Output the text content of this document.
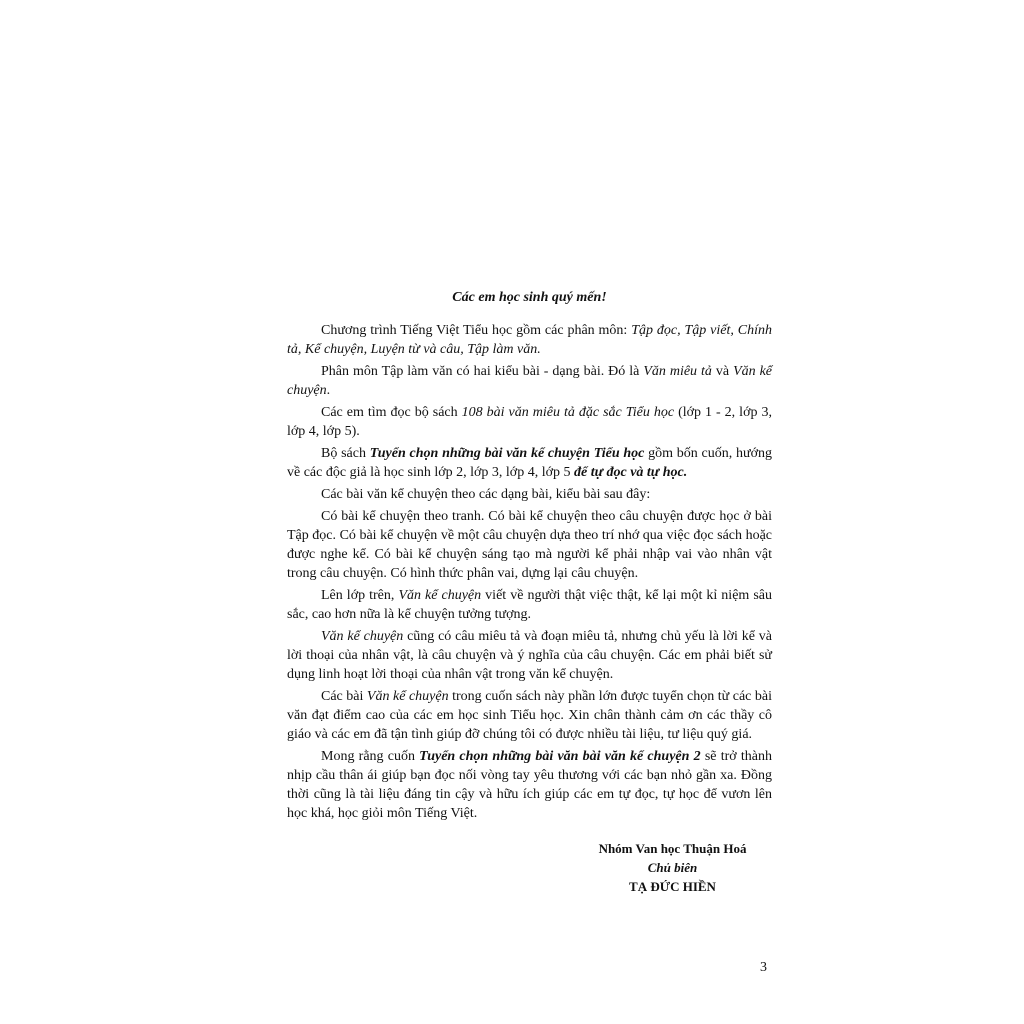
Các em học sinh quý mến!

Chương trình Tiếng Việt Tiểu học gồm các phân môn: Tập đọc, Tập viết, Chính tả, Kể chuyện, Luyện từ và câu, Tập làm văn.

Phân môn Tập làm văn có hai kiểu bài - dạng bài. Đó là Văn miêu tả và Văn kể chuyện.

Các em tìm đọc bộ sách 108 bài văn miêu tả đặc sắc Tiểu học (lớp 1 - 2, lớp 3, lớp 4, lớp 5).

Bộ sách Tuyển chọn những bài văn kể chuyện Tiểu học gồm bốn cuốn, hướng về các độc giả là học sinh lớp 2, lớp 3, lớp 4, lớp 5 để tự đọc và tự học.

Các bài văn kể chuyện theo các dạng bài, kiểu bài sau đây:

Có bài kể chuyện theo tranh. Có bài kể chuyện theo câu chuyện được học ở bài Tập đọc. Có bài kể chuyện về một câu chuyện dựa theo trí nhớ qua việc đọc sách hoặc được nghe kể. Có bài kể chuyện sáng tạo mà người kể phải nhập vai vào nhân vật trong câu chuyện. Có hình thức phân vai, dựng lại câu chuyện.

Lên lớp trên, Văn kể chuyện viết về người thật việc thật, kể lại một kỉ niệm sâu sắc, cao hơn nữa là kể chuyện tưởng tượng.

Văn kể chuyện cũng có câu miêu tả và đoạn miêu tả, nhưng chủ yếu là lời kể và lời thoại của nhân vật, là câu chuyện và ý nghĩa của câu chuyện. Các em phải biết sử dụng linh hoạt lời thoại của nhân vật trong văn kể chuyện.

Các bài Văn kể chuyện trong cuốn sách này phần lớn được tuyển chọn từ các bài văn đạt điểm cao của các em học sinh Tiểu học. Xin chân thành cảm ơn các thầy cô giáo và các em đã tận tình giúp đỡ chúng tôi có được nhiều tài liệu, tư liệu quý giá.

Mong rằng cuốn Tuyển chọn những bài văn bài văn kể chuyện 2 sẽ trở thành nhịp cầu thân ái giúp bạn đọc nối vòng tay yêu thương với các bạn nhỏ gần xa. Đồng thời cũng là tài liệu đáng tin cậy và hữu ích giúp các em tự đọc, tự học để vươn lên học khá, học giỏi môn Tiếng Việt.

Nhóm Van học Thuận Hoá
Chủ biên
TẠ ĐỨC HIỀN
3
